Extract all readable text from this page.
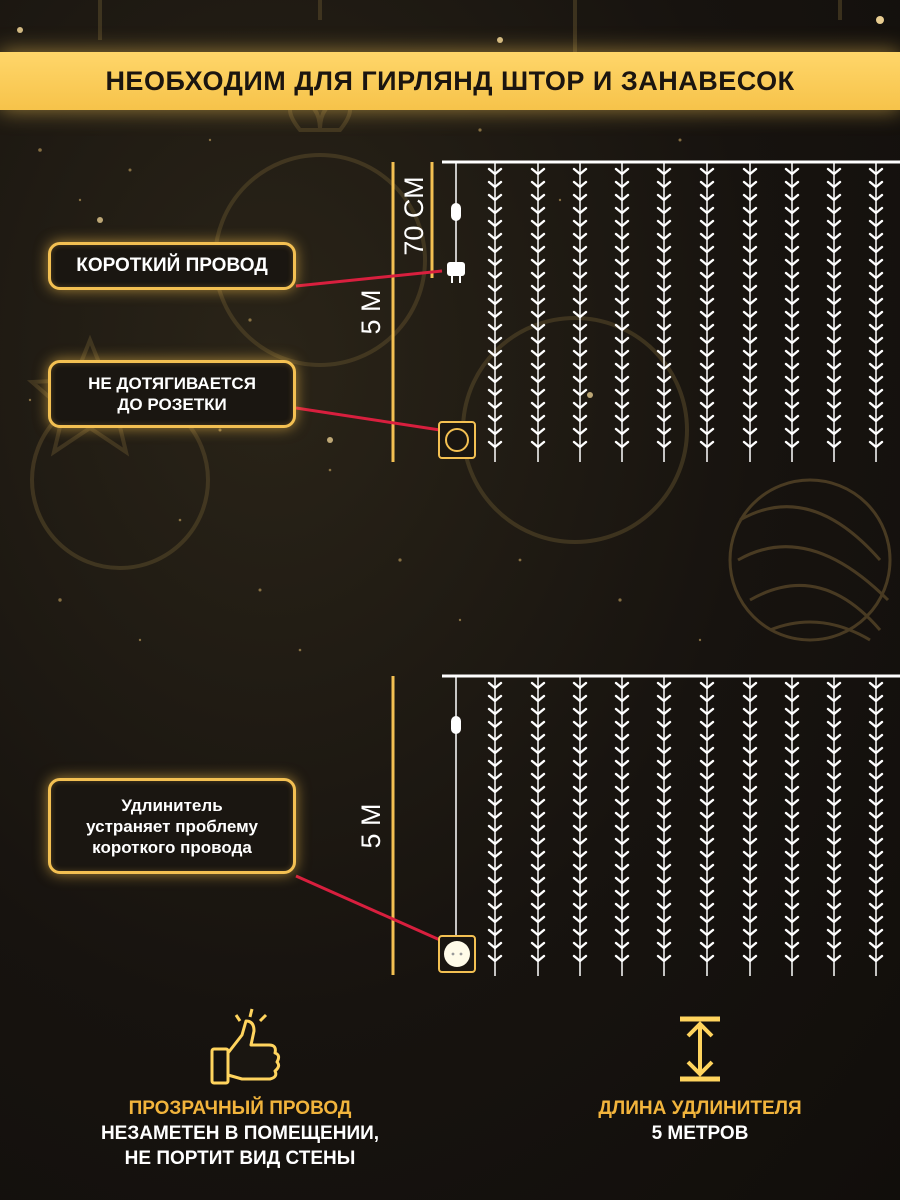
НЕОБХОДИМ ДЛЯ ГИРЛЯНД ШТОР И ЗАНАВЕСОК
КОРОТКИЙ ПРОВОД
НЕ ДОТЯГИВАЕТСЯ
ДО РОЗЕТКИ
Удлинитель
устраняет проблему
короткого провода
70 СМ
5 М
5 М
ПРОЗРАЧНЫЙ ПРОВОД
НЕЗАМЕТЕН В ПОМЕЩЕНИИ,
НЕ ПОРТИТ ВИД СТЕНЫ
ДЛИНА УДЛИНИТЕЛЯ
5 МЕТРОВ
